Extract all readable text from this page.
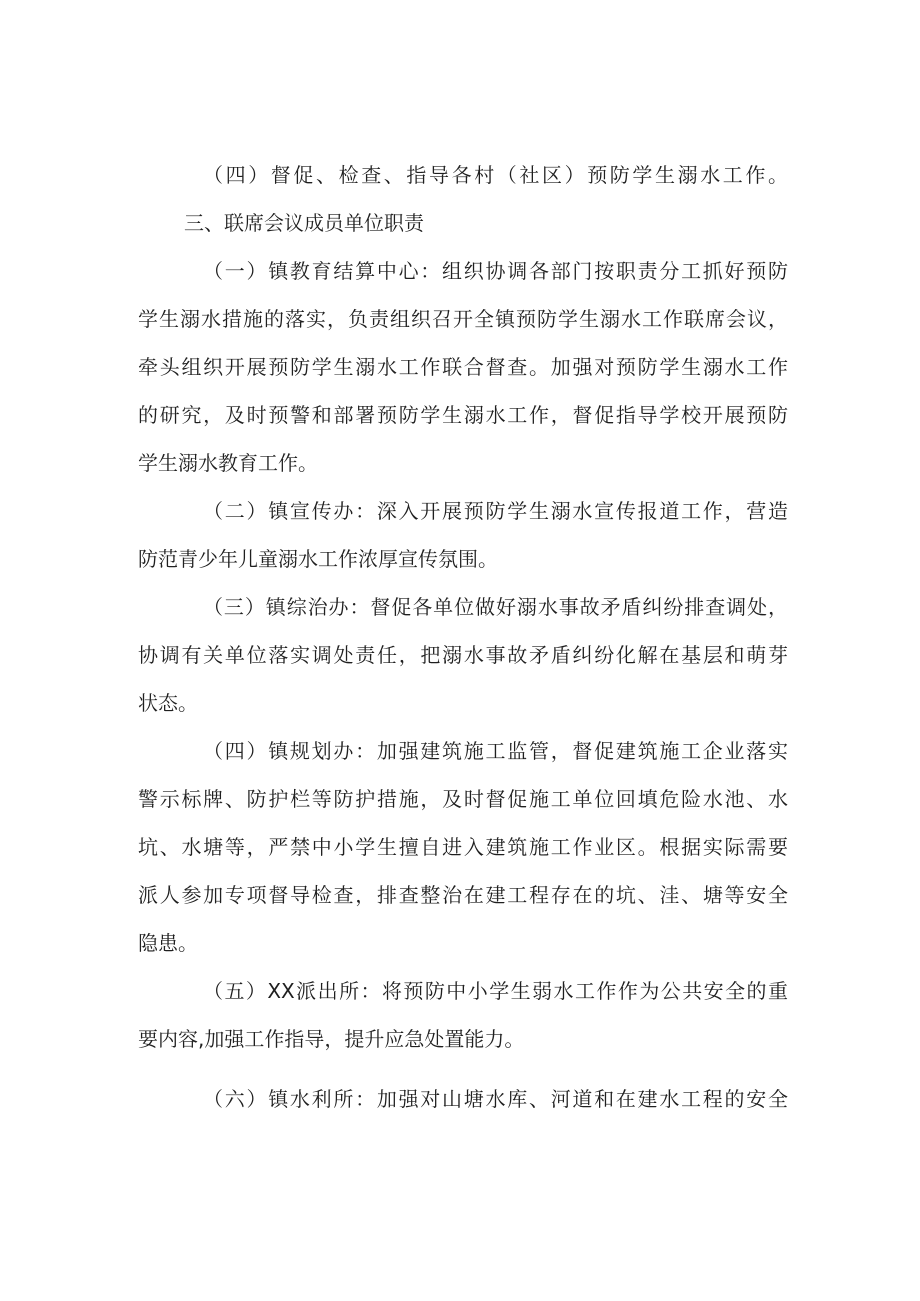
（四）督促、检查、指导各村（社区）预防学生溺水工作。
三、联席会议成员单位职责
（一）镇教育结算中心：组织协调各部门按职责分工抓好预防
学生溺水措施的落实，负责组织召开全镇预防学生溺水工作联席会议，
牵头组织开展预防学生溺水工作联合督查。加强对预防学生溺水工作
的研究，及时预警和部署预防学生溺水工作，督促指导学校开展预防
学生溺水教育工作。
（二）镇宣传办：深入开展预防学生溺水宣传报道工作，营造
防范青少年儿童溺水工作浓厚宣传氛围。
（三）镇综治办：督促各单位做好溺水事故矛盾纠纷排查调处，
协调有关单位落实调处责任，把溺水事故矛盾纠纷化解在基层和萌芽
状态。
（四）镇规划办：加强建筑施工监管，督促建筑施工企业落实
警示标牌、防护栏等防护措施，及时督促施工单位回填危险水池、水
坑、水塘等，严禁中小学生擅自进入建筑施工作业区。根据实际需要
派人参加专项督导检查，排查整治在建工程存在的坑、洼、塘等安全
隐患。
（五）XX派出所：将预防中小学生弱水工作作为公共安全的重
要内容,加强工作指导，提升应急处置能力。
（六）镇水利所：加强对山塘水库、河道和在建水工程的安全
